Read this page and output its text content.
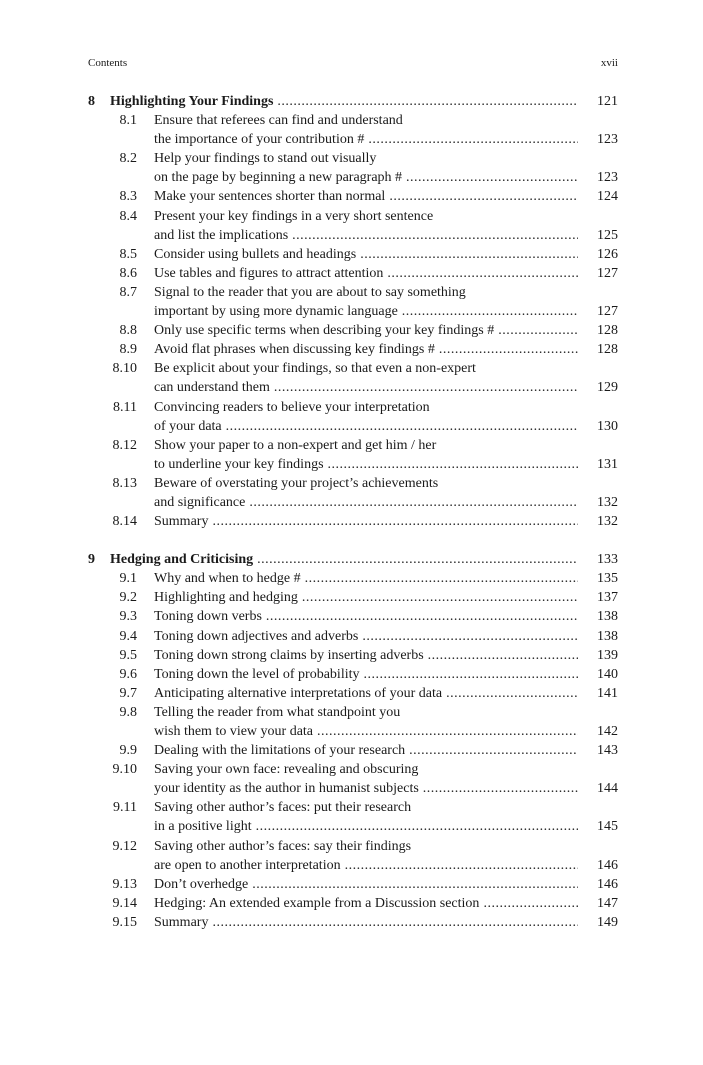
Contents	xvii
8	Highlighting Your Findings .....	121
8.1 Ensure that referees can find and understand
the importance of your contribution # .....	123
8.2 Help your findings to stand out visually
on the page by beginning a new paragraph # .....	123
8.3 Make your sentences shorter than normal .....	124
8.4 Present your key findings in a very short sentence
and list the implications .....	125
8.5 Consider using bullets and headings .....	126
8.6 Use tables and figures to attract attention .....	127
8.7 Signal to the reader that you are about to say something
important by using more dynamic language .....	127
8.8 Only use specific terms when describing your key findings # .....	128
8.9 Avoid flat phrases when discussing key findings # .....	128
8.10 Be explicit about your findings, so that even a non-expert
can understand them .....	129
8.11 Convincing readers to believe your interpretation
of your data .....	130
8.12 Show your paper to a non-expert and get him / her
to underline your key findings .....	131
8.13 Beware of overstating your project’s achievements
and significance .....	132
8.14 Summary .....	132
9	Hedging and Criticising .....	133
9.1 Why and when to hedge # .....	135
9.2 Highlighting and hedging .....	137
9.3 Toning down verbs .....	138
9.4 Toning down adjectives and adverbs .....	138
9.5 Toning down strong claims by inserting adverbs .....	139
9.6 Toning down the level of probability .....	140
9.7 Anticipating alternative interpretations of your data .....	141
9.8 Telling the reader from what standpoint you
wish them to view your data .....	142
9.9 Dealing with the limitations of your research .....	143
9.10 Saving your own face: revealing and obscuring
your identity as the author in humanist subjects .....	144
9.11 Saving other author’s faces: put their research
in a positive light .....	145
9.12 Saving other author’s faces: say their findings
are open to another interpretation .....	146
9.13 Don’t overhedge .....	146
9.14 Hedging: An extended example from a Discussion section .....	147
9.15 Summary .....	149
